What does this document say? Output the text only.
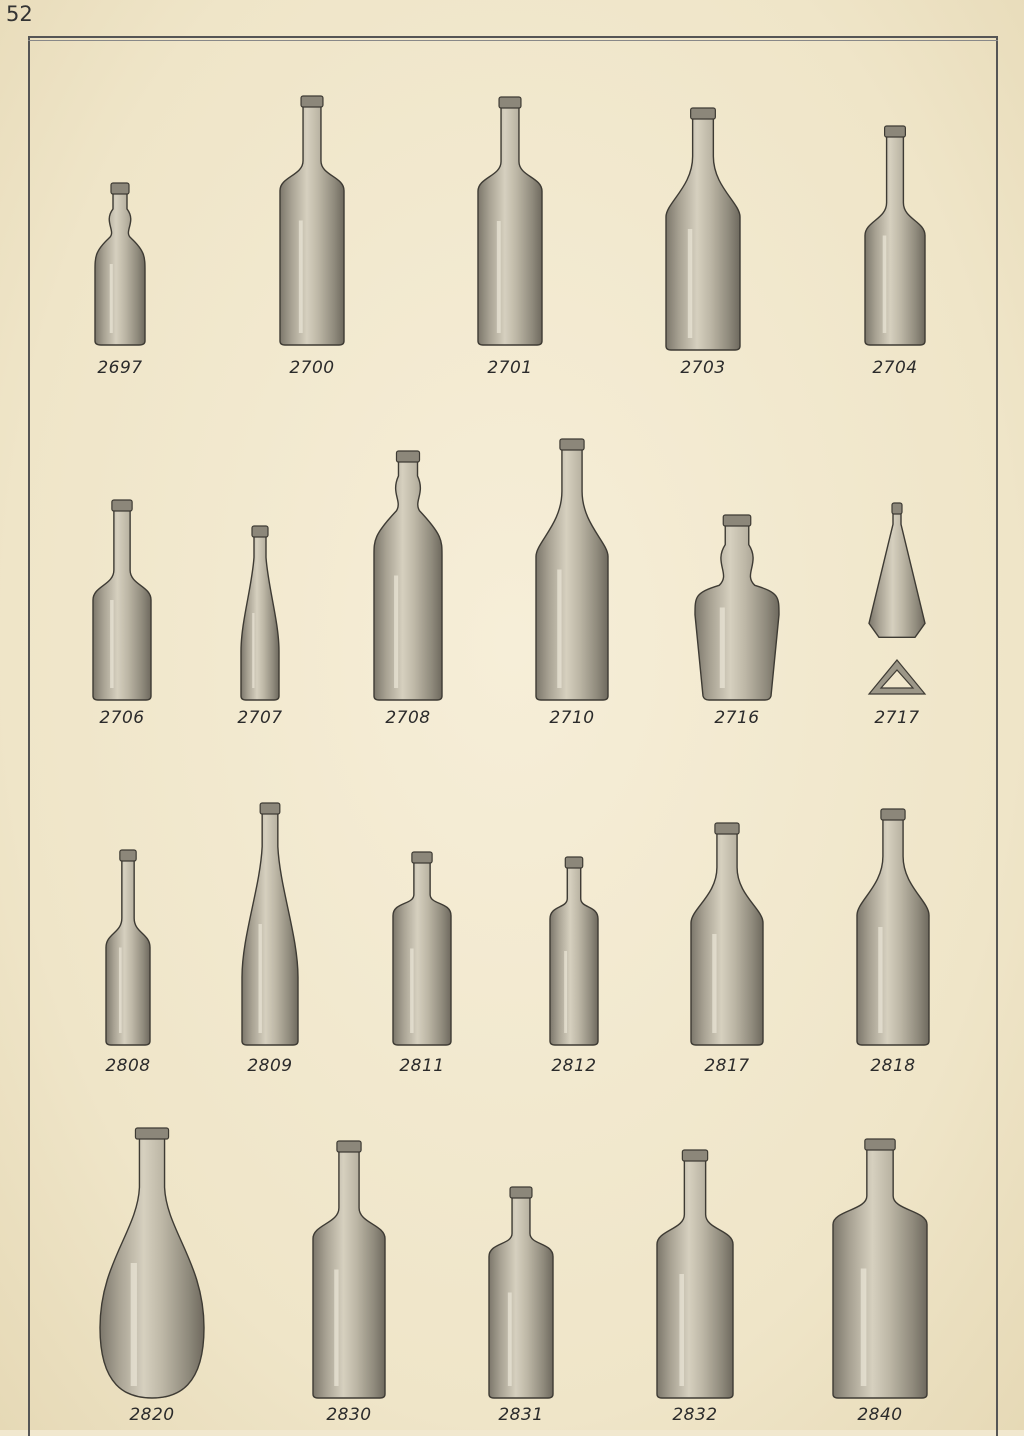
52
2697	2700	2701	2703	2704
2706	2707	2708	2710	2716	2717
2808	2809	2811	2812	2817	2818
2820	2830	2831	2832	2840
